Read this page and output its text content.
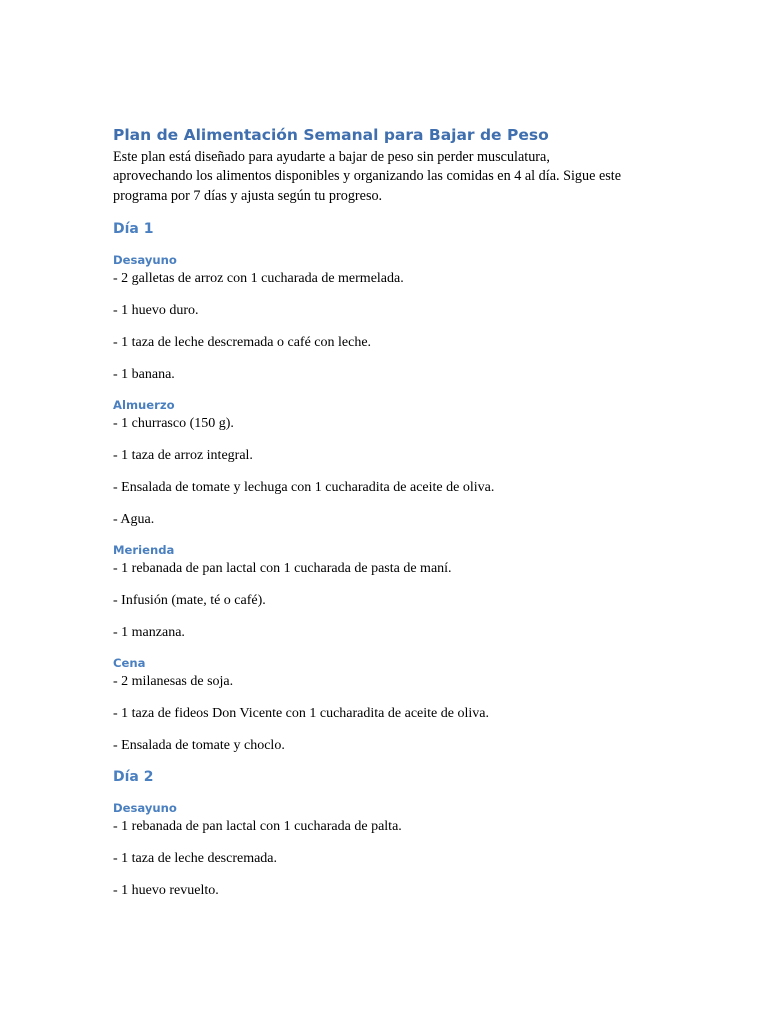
Plan de Alimentación Semanal para Bajar de Peso

Este plan está diseñado para ayudarte a bajar de peso sin perder musculatura,
aprovechando los alimentos disponibles y organizando las comidas en 4 al día. Sigue este
programa por 7 días y ajusta según tu progreso.

Día 1
Desayuno

- 2 galletas de arroz con 1 cucharada de mermelada.

- 1 huevo duro.

- 1 taza de leche descremada o café con leche.

- 1 banana.

Almuerzo

- 1 churrasco (150 g).

- 1 taza de arroz integral.

- Ensalada de tomate y lechuga con 1 cucharadita de aceite de oliva.

- Agua.

Merienda

- 1 rebanada de pan lactal con 1 cucharada de pasta de maní.

- Infusión (mate, té o café).

- 1 manzana.

Cena

- 2 milanesas de soja.

- 1 taza de fideos Don Vicente con 1 cucharadita de aceite de oliva.

- Ensalada de tomate y choclo.

Día 2
Desayuno

- 1 rebanada de pan lactal con 1 cucharada de palta.

- 1 taza de leche descremada.

- 1 huevo revuelto.
